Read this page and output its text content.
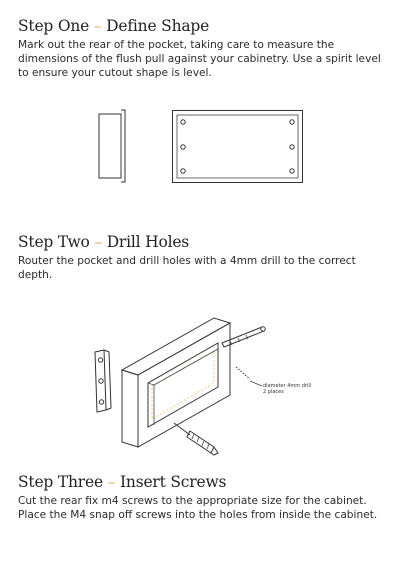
Step One – Define Shape

Mark out the rear of the pocket, taking care to measure the dimensions of the flush pull against your cabinetry. Use a spirit level to ensure your cutout shape is level.

Step Two – Drill Holes

Router the pocket and drill holes with a 4mm drill to the correct depth.

diameter 4mm drill
2 places
Step Three – Insert Screws

Cut the rear fix m4 screws to the appropriate size for the cabinet. Place the M4 snap off screws into the holes from inside the cabinet.
